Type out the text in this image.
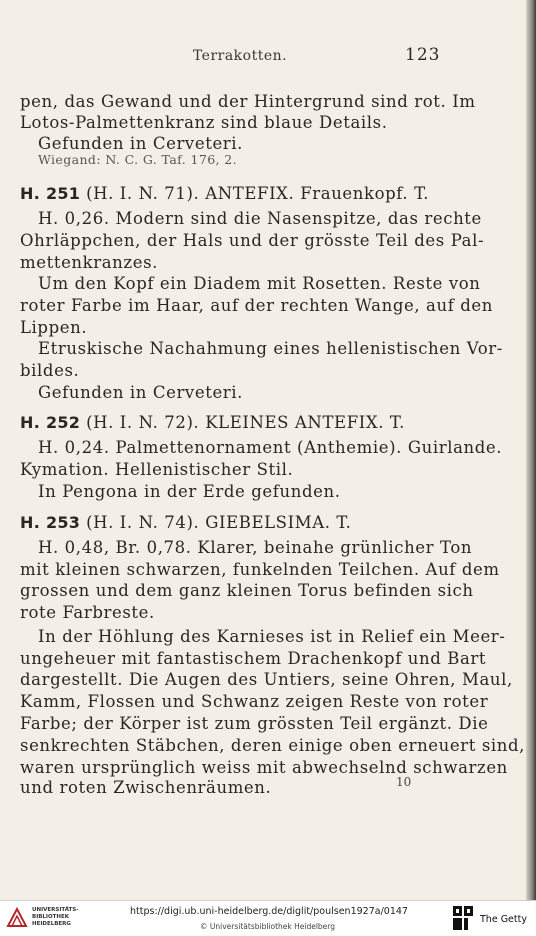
Terrakotten.	123
pen, das Gewand und der Hintergrund sind rot. Im
Lotos-Palmettenkranz sind blaue Details.
Gefunden in Cerveteri.
Wiegand: N. C. G. Taf. 176, 2.
H. 251 (H. I. N. 71). ANTEFIX. Frauenkopf. T.
H. 0,26. Modern sind die Nasenspitze, das rechte
Ohrläppchen, der Hals und der grösste Teil des Pal-
mettenkranzes.
Um den Kopf ein Diadem mit Rosetten. Reste von
roter Farbe im Haar, auf der rechten Wange, auf den
Lippen.
Etruskische Nachahmung eines hellenistischen Vor-
bildes.
Gefunden in Cerveteri.
H. 252 (H. I. N. 72). KLEINES ANTEFIX. T.
H. 0,24. Palmettenornament (Anthemie). Guirlande.
Kymation. Hellenistischer Stil.
In Pengona in der Erde gefunden.
H. 253 (H. I. N. 74). GIEBELSIMA. T.
H. 0,48, Br. 0,78. Klarer, beinahe grünlicher Ton
mit kleinen schwarzen, funkelnden Teilchen. Auf dem
grossen und dem ganz kleinen Torus befinden sich
rote Farbreste.
In der Höhlung des Karnieses ist in Relief ein Meer-
ungeheuer mit fantastischem Drachenkopf und Bart
dargestellt. Die Augen des Untiers, seine Ohren, Maul,
Kamm, Flossen und Schwanz zeigen Reste von roter
Farbe; der Körper ist zum grössten Teil ergänzt. Die
senkrechten Stäbchen, deren einige oben erneuert sind,
waren ursprünglich weiss mit abwechselnd schwarzen
und roten Zwischenräumen.	10
UNIVERSITÄTS-
BIBLIOTHEK
HEIDELBERG
https://digi.ub.uni-heidelberg.de/diglit/poulsen1927a/0147
© Universitätsbibliothek Heidelberg
The Getty
